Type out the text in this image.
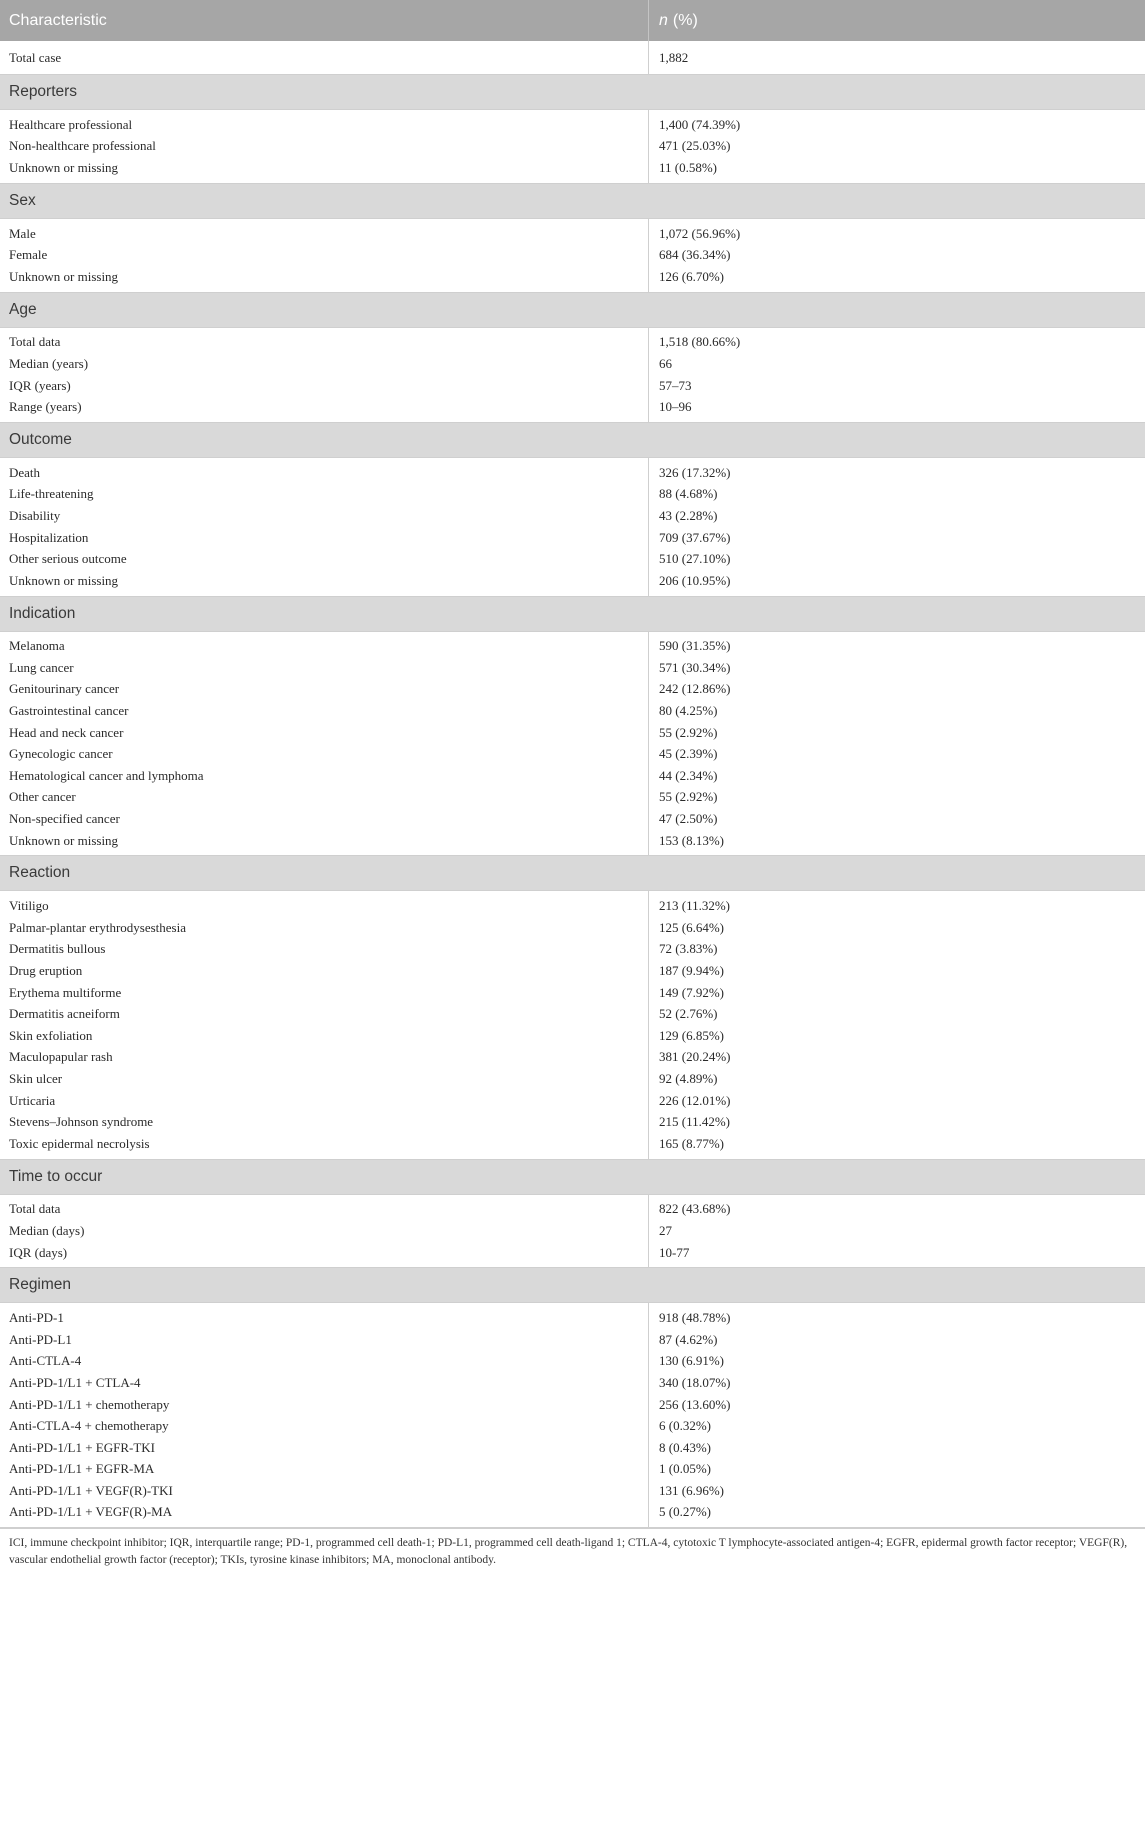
Characteristic	n (%)
Total case	1,882
Reporters
Healthcare professional	1,400 (74.39%)
Non-healthcare professional	471 (25.03%)
Unknown or missing	11 (0.58%)
Sex
Male	1,072 (56.96%)
Female	684 (36.34%)
Unknown or missing	126 (6.70%)
Age
Total data	1,518 (80.66%)
Median (years)	66
IQR (years)	57–73
Range (years)	10–96
Outcome
Death	326 (17.32%)
Life-threatening	88 (4.68%)
Disability	43 (2.28%)
Hospitalization	709 (37.67%)
Other serious outcome	510 (27.10%)
Unknown or missing	206 (10.95%)
Indication
Melanoma	590 (31.35%)
Lung cancer	571 (30.34%)
Genitourinary cancer	242 (12.86%)
Gastrointestinal cancer	80 (4.25%)
Head and neck cancer	55 (2.92%)
Gynecologic cancer	45 (2.39%)
Hematological cancer and lymphoma	44 (2.34%)
Other cancer	55 (2.92%)
Non-specified cancer	47 (2.50%)
Unknown or missing	153 (8.13%)
Reaction
Vitiligo	213 (11.32%)
Palmar-plantar erythrodysesthesia	125 (6.64%)
Dermatitis bullous	72 (3.83%)
Drug eruption	187 (9.94%)
Erythema multiforme	149 (7.92%)
Dermatitis acneiform	52 (2.76%)
Skin exfoliation	129 (6.85%)
Maculopapular rash	381 (20.24%)
Skin ulcer	92 (4.89%)
Urticaria	226 (12.01%)
Stevens–Johnson syndrome	215 (11.42%)
Toxic epidermal necrolysis	165 (8.77%)
Time to occur
Total data	822 (43.68%)
Median (days)	27
IQR (days)	10-77
Regimen
Anti-PD-1	918 (48.78%)
Anti-PD-L1	87 (4.62%)
Anti-CTLA-4	130 (6.91%)
Anti-PD-1/L1 + CTLA-4	340 (18.07%)
Anti-PD-1/L1 + chemotherapy	256 (13.60%)
Anti-CTLA-4 + chemotherapy	6 (0.32%)
Anti-PD-1/L1 + EGFR-TKI	8 (0.43%)
Anti-PD-1/L1 + EGFR-MA	1 (0.05%)
Anti-PD-1/L1 + VEGF(R)-TKI	131 (6.96%)
Anti-PD-1/L1 + VEGF(R)-MA	5 (0.27%)
ICI, immune checkpoint inhibitor; IQR, interquartile range; PD-1, programmed cell death-1; PD-L1, programmed cell death-ligand 1; CTLA-4, cytotoxic T lymphocyte-associated antigen-4; EGFR, epidermal growth factor receptor; VEGF(R), vascular endothelial growth factor (receptor); TKIs, tyrosine kinase inhibitors; MA, monoclonal antibody.
